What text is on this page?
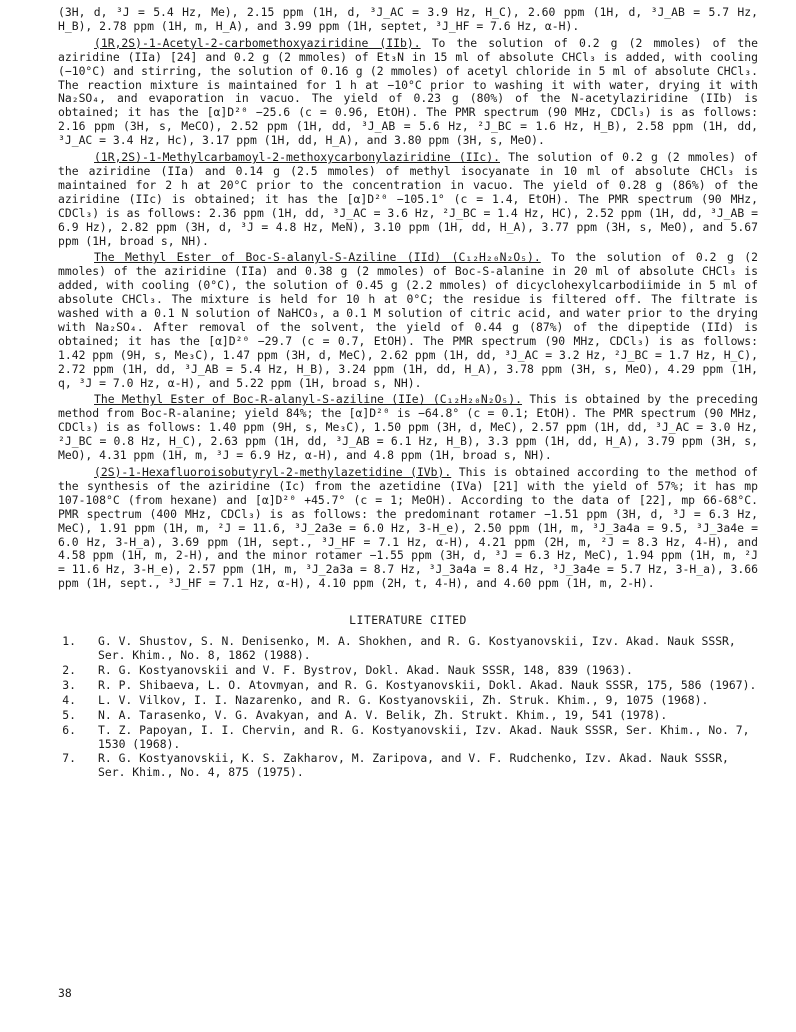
(3H, d, ³J = 5.4 Hz, Me), 2.15 ppm (1H, d, ³J_AC = 3.9 Hz, H_C), 2.60 ppm (1H, d, ³J_AB = 5.7 Hz, H_B), 2.78 ppm (1H, m, H_A), and 3.99 ppm (1H, septet, ³J_HF = 7.6 Hz, α-H).

(1R,2S)-1-Acetyl-2-carbomethoxyaziridine (IIb). To the solution of 0.2 g (2 mmoles) of the aziridine (IIa) [24] and 0.2 g (2 mmoles) of Et₃N in 15 ml of absolute CHCl₃ is added, with cooling (−10°C) and stirring, the solution of 0.16 g (2 mmoles) of acetyl chloride in 5 ml of absolute CHCl₃. The reaction mixture is maintained for 1 h at −10°C prior to washing it with water, drying it with Na₂SO₄, and evaporation in vacuo. The yield of 0.23 g (80%) of the N-acetylaziridine (IIb) is obtained; it has the [α]D²⁰ −25.6 (c = 0.96, EtOH). The PMR spectrum (90 MHz, CDCl₃) is as follows: 2.16 ppm (3H, s, MeCO), 2.52 ppm (1H, dd, ³J_AB = 5.6 Hz, ²J_BC = 1.6 Hz, H_B), 2.58 ppm (1H, dd, ³J_AC = 3.4 Hz, Hc), 3.17 ppm (1H, dd, H_A), and 3.80 ppm (3H, s, MeO).

(1R,2S)-1-Methylcarbamoyl-2-methoxycarbonylaziridine (IIc). The solution of 0.2 g (2 mmoles) of the aziridine (IIa) and 0.14 g (2.5 mmoles) of methyl isocyanate in 10 ml of absolute CHCl₃ is maintained for 2 h at 20°C prior to the concentration in vacuo. The yield of 0.28 g (86%) of the aziridine (IIc) is obtained; it has the [α]D²⁰ −105.1° (c = 1.4, EtOH). The PMR spectrum (90 MHz, CDCl₃) is as follows: 2.36 ppm (1H, dd, ³J_AC = 3.6 Hz, ²J_BC = 1.4 Hz, HC), 2.52 ppm (1H, dd, ³J_AB = 6.9 Hz), 2.82 ppm (3H, d, ³J = 4.8 Hz, MeN), 3.10 ppm (1H, dd, H_A), 3.77 ppm (3H, s, MeO), and 5.67 ppm (1H, broad s, NH).

The Methyl Ester of Boc-S-alanyl-S-Aziline (IId) (C₁₂H₂₀N₂O₅). To the solution of 0.2 g (2 mmoles) of the aziridine (IIa) and 0.38 g (2 mmoles) of Boc-S-alanine in 20 ml of absolute CHCl₃ is added, with cooling (0°C), the solution of 0.45 g (2.2 mmoles) of dicyclohexylcarbodiimide in 5 ml of absolute CHCl₃. The mixture is held for 10 h at 0°C; the residue is filtered off. The filtrate is washed with a 0.1 N solution of NaHCO₃, a 0.1 M solution of citric acid, and water prior to the drying with Na₂SO₄. After removal of the solvent, the yield of 0.44 g (87%) of the dipeptide (IId) is obtained; it has the [α]D²⁰ −29.7 (c = 0.7, EtOH). The PMR spectrum (90 MHz, CDCl₃) is as follows: 1.42 ppm (9H, s, Me₃C), 1.47 ppm (3H, d, MeC), 2.62 ppm (1H, dd, ³J_AC = 3.2 Hz, ²J_BC = 1.7 Hz, H_C), 2.72 ppm (1H, dd, ³J_AB = 5.4 Hz, H_B), 3.24 ppm (1H, dd, H_A), 3.78 ppm (3H, s, MeO), 4.29 ppm (1H, q, ³J = 7.0 Hz, α-H), and 5.22 ppm (1H, broad s, NH).

The Methyl Ester of Boc-R-alanyl-S-aziline (IIe) (C₁₂H₂₀N₂O₅). This is obtained by the preceding method from Boc-R-alanine; yield 84%; the [α]D²⁰ is −64.8° (c = 0.1; EtOH). The PMR spectrum (90 MHz, CDCl₃) is as follows: 1.40 ppm (9H, s, Me₃C), 1.50 ppm (3H, d, MeC), 2.57 ppm (1H, dd, ³J_AC = 3.0 Hz, ²J_BC = 0.8 Hz, H_C), 2.63 ppm (1H, dd, ³J_AB = 6.1 Hz, H_B), 3.3 ppm (1H, dd, H_A), 3.79 ppm (3H, s, MeO), 4.31 ppm (1H, m, ³J = 6.9 Hz, α-H), and 4.8 ppm (1H, broad s, NH).

(2S)-1-Hexafluoroisobutyryl-2-methylazetidine (IVb). This is obtained according to the method of the synthesis of the aziridine (Ic) from the azetidine (IVa) [21] with the yield of 57%; it has mp 107-108°C (from hexane) and [α]D²⁰ +45.7° (c = 1; MeOH). According to the data of [22], mp 66-68°C. PMR spectrum (400 MHz, CDCl₃) is as follows: the predominant rotamer −1.51 ppm (3H, d, ³J = 6.3 Hz, MeC), 1.91 ppm (1H, m, ²J = 11.6, ³J_2a3e = 6.0 Hz, 3-H_e), 2.50 ppm (1H, m, ³J_3a4a = 9.5, ³J_3a4e = 6.0 Hz, 3-H_a), 3.69 ppm (1H, sept., ³J_HF = 7.1 Hz, α-H), 4.21 ppm (2H, m, ²J = 8.3 Hz, 4-H), and 4.58 ppm (1H, m, 2-H), and the minor rotamer −1.55 ppm (3H, d, ³J = 6.3 Hz, MeC), 1.94 ppm (1H, m, ²J = 11.6 Hz, 3-H_e), 2.57 ppm (1H, m, ³J_2a3a = 8.7 Hz, ³J_3a4a = 8.4 Hz, ³J_3a4e = 5.7 Hz, 3-H_a), 3.66 ppm (1H, sept., ³J_HF = 7.1 Hz, α-H), 4.10 ppm (2H, t, 4-H), and 4.60 ppm (1H, m, 2-H).

LITERATURE CITED
1. G. V. Shustov, S. N. Denisenko, M. A. Shokhen, and R. G. Kostyanovskii, Izv. Akad. Nauk SSSR, Ser. Khim., No. 8, 1862 (1988).
2. R. G. Kostyanovskii and V. F. Bystrov, Dokl. Akad. Nauk SSSR, 148, 839 (1963).
3. R. P. Shibaeva, L. O. Atovmyan, and R. G. Kostyanovskii, Dokl. Akad. Nauk SSSR, 175, 586 (1967).
4. L. V. Vilkov, I. I. Nazarenko, and R. G. Kostyanovskii, Zh. Struk. Khim., 9, 1075 (1968).
5. N. A. Tarasenko, V. G. Avakyan, and A. V. Belik, Zh. Strukt. Khim., 19, 541 (1978).
6. T. Z. Papoyan, I. I. Chervin, and R. G. Kostyanovskii, Izv. Akad. Nauk SSSR, Ser. Khim., No. 7, 1530 (1968).
7. R. G. Kostyanovskii, K. S. Zakharov, M. Zaripova, and V. F. Rudchenko, Izv. Akad. Nauk SSSR, Ser. Khim., No. 4, 875 (1975).
38
